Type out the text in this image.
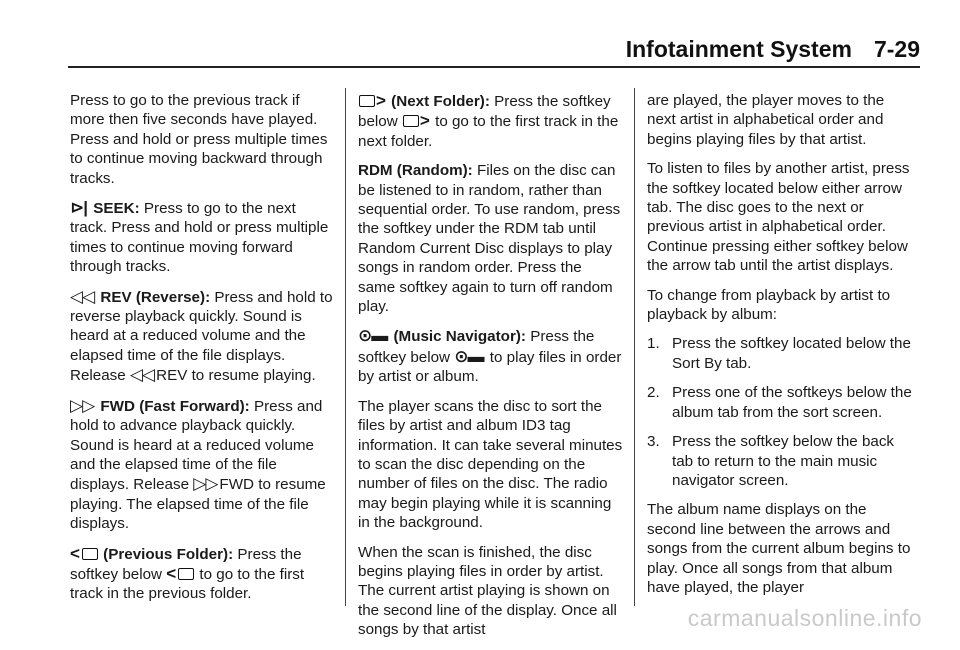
Infotainment System 7-29

Press to go to the previous track if more then five seconds have played. Press and hold or press multiple times to continue moving backward through tracks.

⊳| SEEK: Press to go to the next track. Press and hold or press multiple times to continue moving forward through tracks.

◁◁ REV (Reverse): Press and hold to reverse playback quickly. Sound is heard at a reduced volume and the elapsed time of the file displays. Release ◁◁ REV to resume playing.

▷▷ FWD (Fast Forward): Press and hold to advance playback quickly. Sound is heard at a reduced volume and the elapsed time of the file displays. Release ▷▷ FWD to resume playing. The elapsed time of the file displays.

< (Previous Folder): Press the softkey below < to go to the first track in the previous folder.

> (Next Folder): Press the softkey below > to go to the first track in the next folder.

RDM (Random): Files on the disc can be listened to in random, rather than sequential order. To use random, press the softkey under the RDM tab until Random Current Disc displays to play songs in random order. Press the same softkey again to turn off random play.

⊙▬ (Music Navigator): Press the softkey below ⊙▬ to play files in order by artist or album.

The player scans the disc to sort the files by artist and album ID3 tag information. It can take several minutes to scan the disc depending on the number of files on the disc. The radio may begin playing while it is scanning in the background.

When the scan is finished, the disc begins playing files in order by artist. The current artist playing is shown on the second line of the display. Once all songs by that artist

are played, the player moves to the next artist in alphabetical order and begins playing files by that artist.

To listen to files by another artist, press the softkey located below either arrow tab. The disc goes to the next or previous artist in alphabetical order. Continue pressing either softkey below the arrow tab until the artist displays.

To change from playback by artist to playback by album:

1. Press the softkey located below the Sort By tab.
2. Press one of the softkeys below the album tab from the sort screen.
3. Press the softkey below the back tab to return to the main music navigator screen.

The album name displays on the second line between the arrows and songs from the current album begins to play. Once all songs from that album have played, the player

carmanualsonline.info
